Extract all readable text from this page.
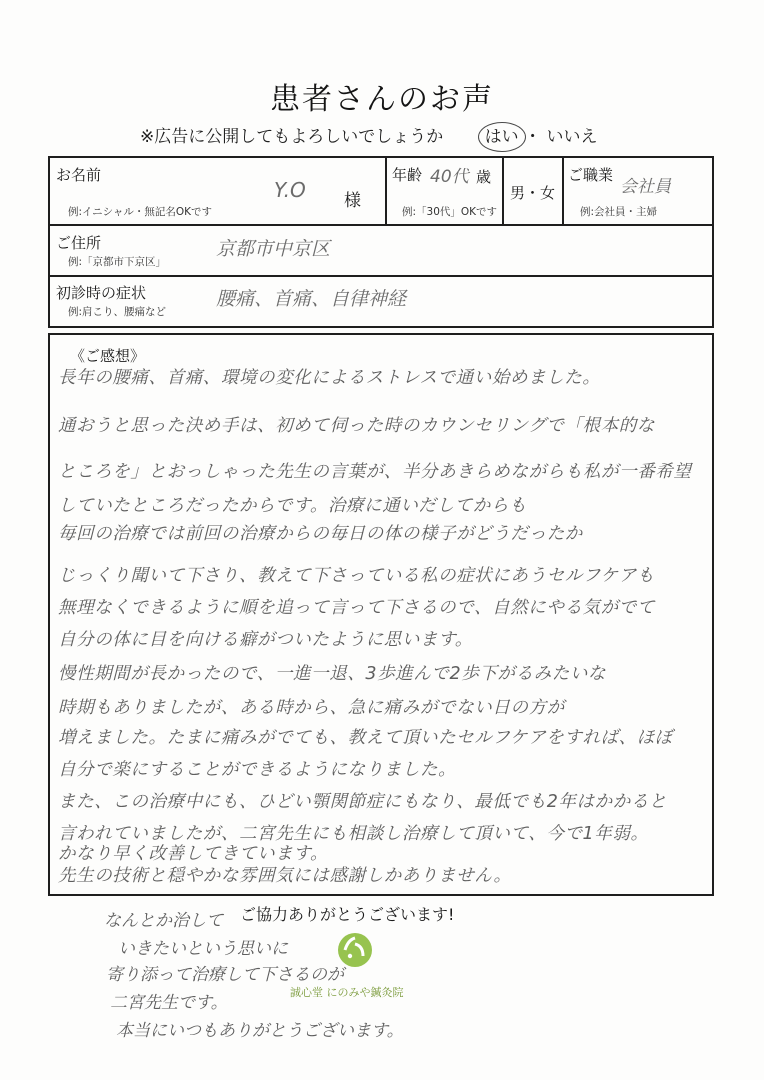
患者さんのお声
※広告に公開してもよろしいでしょうか はい ・ いいえ
お名前
例:イニシャル・無記名OKです
Y.O 様
年齢 40代 歳
例:「30代」OKです
男・女
ご職業
会社員
例:会社員・主婦
ご住所
例:「京都市下京区」
京都市中京区
初診時の症状
例:肩こり、腰痛など
腰痛、首痛、自律神経
《ご感想》
長年の腰痛、首痛、環境の変化によるストレスで通い始めました。
通おうと思った決め手は、初めて伺った時のカウンセリングで「根本的な
ところを」とおっしゃった先生の言葉が、半分あきらめながらも私が一番希望
していたところだったからです。治療に通いだしてからも
毎回の治療では前回の治療からの毎日の体の様子がどうだったか
じっくり聞いて下さり、教えて下さっている私の症状にあうセルフケアも
無理なくできるように順を追って言って下さるので、自然にやる気がでて
自分の体に目を向ける癖がついたように思います。
慢性期間が長かったので、一進一退、3歩進んで2歩下がるみたいな
時期もありましたが、ある時から、急に痛みがでない日の方が
増えました。たまに痛みがでても、教えて頂いたセルフケアをすれば、ほぼ
自分で楽にすることができるようになりました。
また、この治療中にも、ひどい顎関節症にもなり、最低でも2年はかかると
言われていましたが、二宮先生にも相談し治療して頂いて、今で1年弱。
かなり早く改善してきています。
先生の技術と穏やかな雰囲気には感謝しかありません。
ご協力ありがとうございます!
なんとか治して
いきたいという思いに
寄り添って治療して下さるのが
二宮先生です。
本当にいつもありがとうございます。
誠心堂 にのみや鍼灸院
